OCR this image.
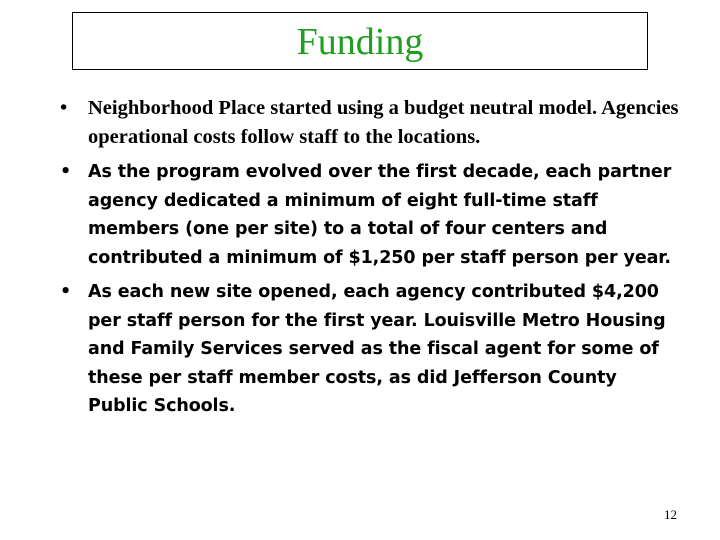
Funding
•	Neighborhood Place started using a budget neutral model. Agencies operational costs follow staff to the locations.
• As the program evolved over the first decade, each partner agency dedicated a minimum of eight full-time staff members (one per site) to a total of four centers and contributed a minimum of $1,250 per staff person per year.
• As each new site opened, each agency contributed $4,200 per staff person for the first year. Louisville Metro Housing and Family Services served as the fiscal agent for some of these per staff member costs, as did Jefferson County Public Schools.
12
